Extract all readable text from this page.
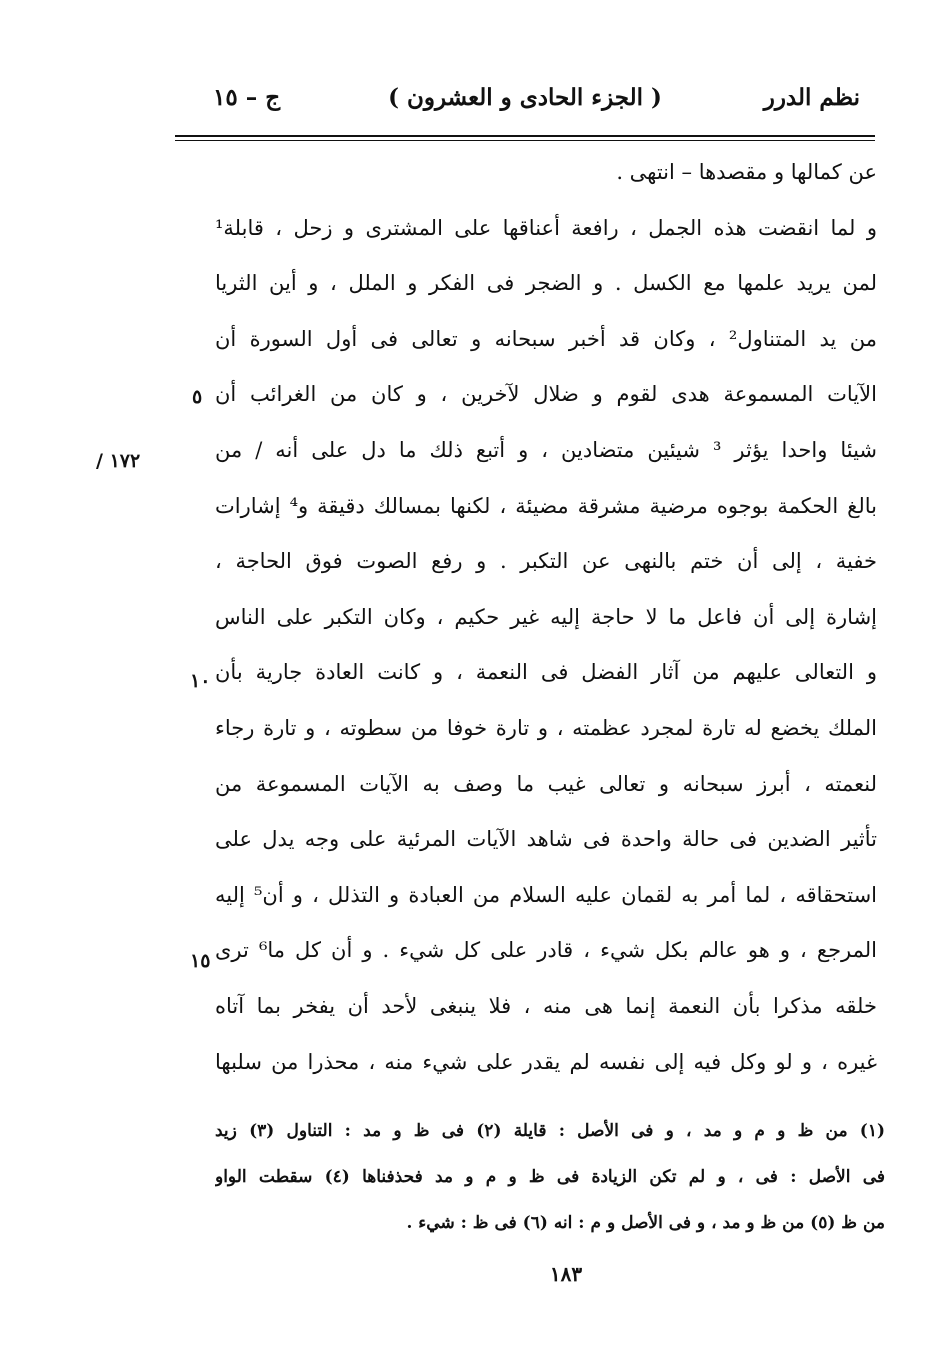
نظم الدرر
( الجزء الحادى و العشرون )
ج – ١٥
عن كمالها و مقصدها – انتهى .
و لما انقضت هذه الجمل ، رافعة أعناقها على المشترى و زحل ، قابلة¹
لمن يريد علمها مع الكسل . و الضجر فى الفكر و الملل ، و أين الثريا
من يد المتناول² ، وكان قد أخبر سبحانه و تعالى فى أول السورة أن
الآيات المسموعة هدى لقوم و ضلال لآخرين ، و كان من الغرائب أن
شيئا واحدا يؤثر ³ شيئين متضادين ، و أتبع ذلك ما دل على أنه / من
بالغ الحكمة بوجوه مرضية مشرقة مضيئة ، لكنها بمسالك دقيقة و⁴ إشارات
خفية ، إلى أن ختم بالنهى عن التكبر . و رفع الصوت فوق الحاجة ،
إشارة إلى أن فاعل ما لا حاجة إليه غير حكيم ، وكان التكبر على الناس
و التعالى عليهم من آثار الفضل فى النعمة ، و كانت العادة جارية بأن
الملك يخضع له تارة لمجرد عظمته ، و تارة خوفا من سطوته ، و تارة رجاء
لنعمته ، أبرز سبحانه و تعالى غيب ما وصف به الآيات المسموعة من
تأثير الضدين فى حالة واحدة فى شاهد الآيات المرئية على وجه يدل على
استحقاقه ، لما أمر به لقمان عليه السلام من العبادة و التذلل ، و أن⁵ إليه
المرجع ، و هو عالم بكل شيء ، قادر على كل شيء . و أن كل ما⁶ ترى
خلقه مذكرا بأن النعمة إنما هى منه ، فلا ينبغى لأحد أن يفخر بما آتاه
غيره ، و لو وكل فيه إلى نفسه لم يقدر على شيء منه ، محذرا من سلبها
٥
١٧٢ /
١٠
١٥
(١) من ظ و م و مد ، و فى الأصل : قايلة (٢) فى ظ و مد : التناول (٣) زيد
فى الأصل : فى ، و لم تكن الزيادة فى ظ و م و مد فحذفناها (٤) سقطت الواو
من ظ (٥) من ظ و مد ، و فى الأصل و م : انه (٦) فى ظ : شيء .
١٨٣
